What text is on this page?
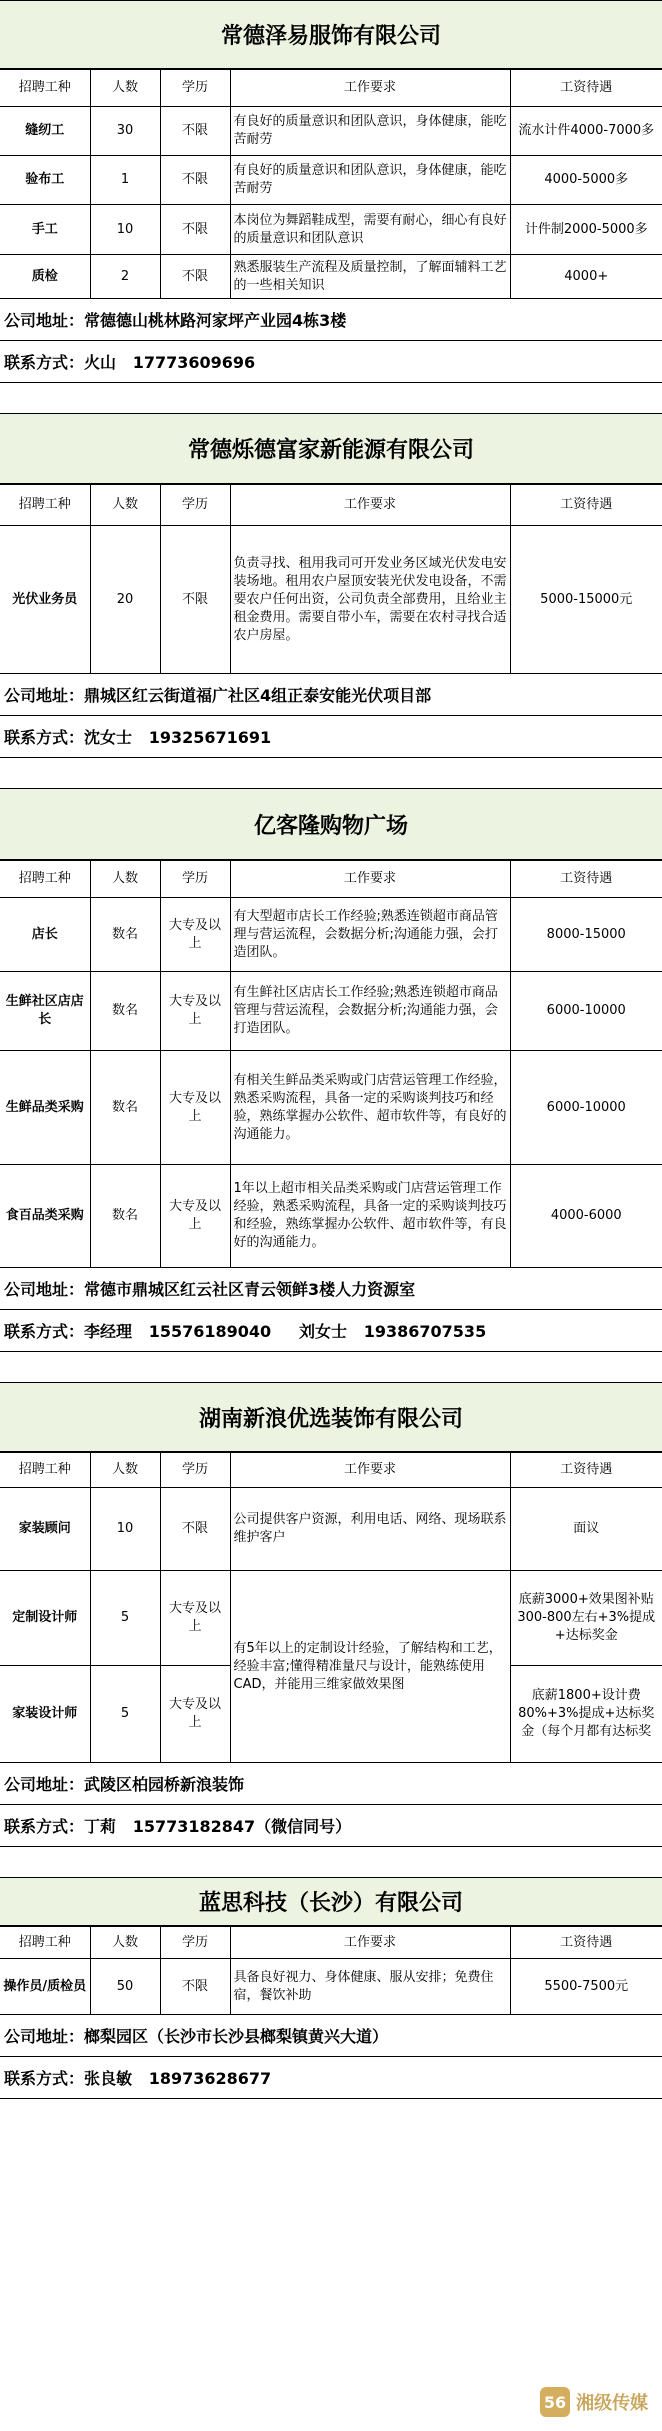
常德泽易服饰有限公司
招聘工种	人数	学历	工作要求	工资待遇
缝纫工	30	不限	有良好的质量意识和团队意识，身体健康，能吃苦耐劳	流水计件4000-7000多
验布工	1	不限	有良好的质量意识和团队意识，身体健康，能吃苦耐劳	4000-5000多
手工	10	不限	本岗位为舞蹈鞋成型，需要有耐心，细心有良好的质量意识和团队意识	计件制2000-5000多
质检	2	不限	熟悉服装生产流程及质量控制，了解面辅料工艺的一些相关知识	4000+
公司地址：常德德山桃林路河家坪产业园4栋3楼
联系方式：火山   17773609696
常德烁德富家新能源有限公司
招聘工种	人数	学历	工作要求	工资待遇
光伏业务员	20	不限	负责寻找、租用我司可开发业务区域光伏发电安装场地。租用农户屋顶安装光伏发电设备，不需要农户任何出资，公司负责全部费用，且给业主租金费用。需要自带小车，需要在农村寻找合适农户房屋。	5000-15000元
公司地址：鼎城区红云街道福广社区4组正泰安能光伏项目部
联系方式：沈女士   19325671691
亿客隆购物广场
招聘工种	人数	学历	工作要求	工资待遇
店长	数名	大专及以上	有大型超市店长工作经验;熟悉连锁超市商品管理与营运流程，会数据分析;沟通能力强，会打造团队。	8000-15000
生鲜社区店店长	数名	大专及以上	有生鲜社区店店长工作经验;熟悉连锁超市商品管理与营运流程，会数据分析;沟通能力强，会打造团队。	6000-10000
生鲜品类采购	数名	大专及以上	有相关生鲜品类采购或门店营运管理工作经验，熟悉采购流程，具备一定的采购谈判技巧和经验，熟练掌握办公软件、超市软件等，有良好的沟通能力。	6000-10000
食百品类采购	数名	大专及以上	1年以上超市相关品类采购或门店营运管理工作经验，熟悉采购流程，具备一定的采购谈判技巧和经验，熟练掌握办公软件、超市软件等，有良好的沟通能力。	4000-6000
公司地址：常德市鼎城区红云社区青云领鲜3楼人力资源室
联系方式：李经理   15576189040     刘女士   19386707535
湖南新浪优选装饰有限公司
招聘工种	人数	学历	工作要求	工资待遇
家装顾问	10	不限	公司提供客户资源，利用电话、网络、现场联系维护客户	面议
定制设计师	5	大专及以上	有5年以上的定制设计经验，了解结构和工艺，经验丰富;懂得精准量尺与设计，能熟练使用 CAD，并能用三维家做效果图	底薪3000+效果图补贴300-800左右+3%提成+达标奖金
家装设计师	5	大专及以上		底薪1800+设计费80%+3%提成+达标奖金（每个月都有达标奖
公司地址：武陵区柏园桥新浪装饰
联系方式：丁莉   15773182847（微信同号）
蓝思科技（长沙）有限公司
招聘工种	人数	学历	工作要求	工资待遇
操作员/质检员	50	不限	具备良好视力、身体健康、服从安排；免费住宿，餐饮补助	5500-7500元
公司地址：榔梨园区（长沙市长沙县榔梨镇黄兴大道）
联系方式：张良敏   18973628677
56 湘级传媒
